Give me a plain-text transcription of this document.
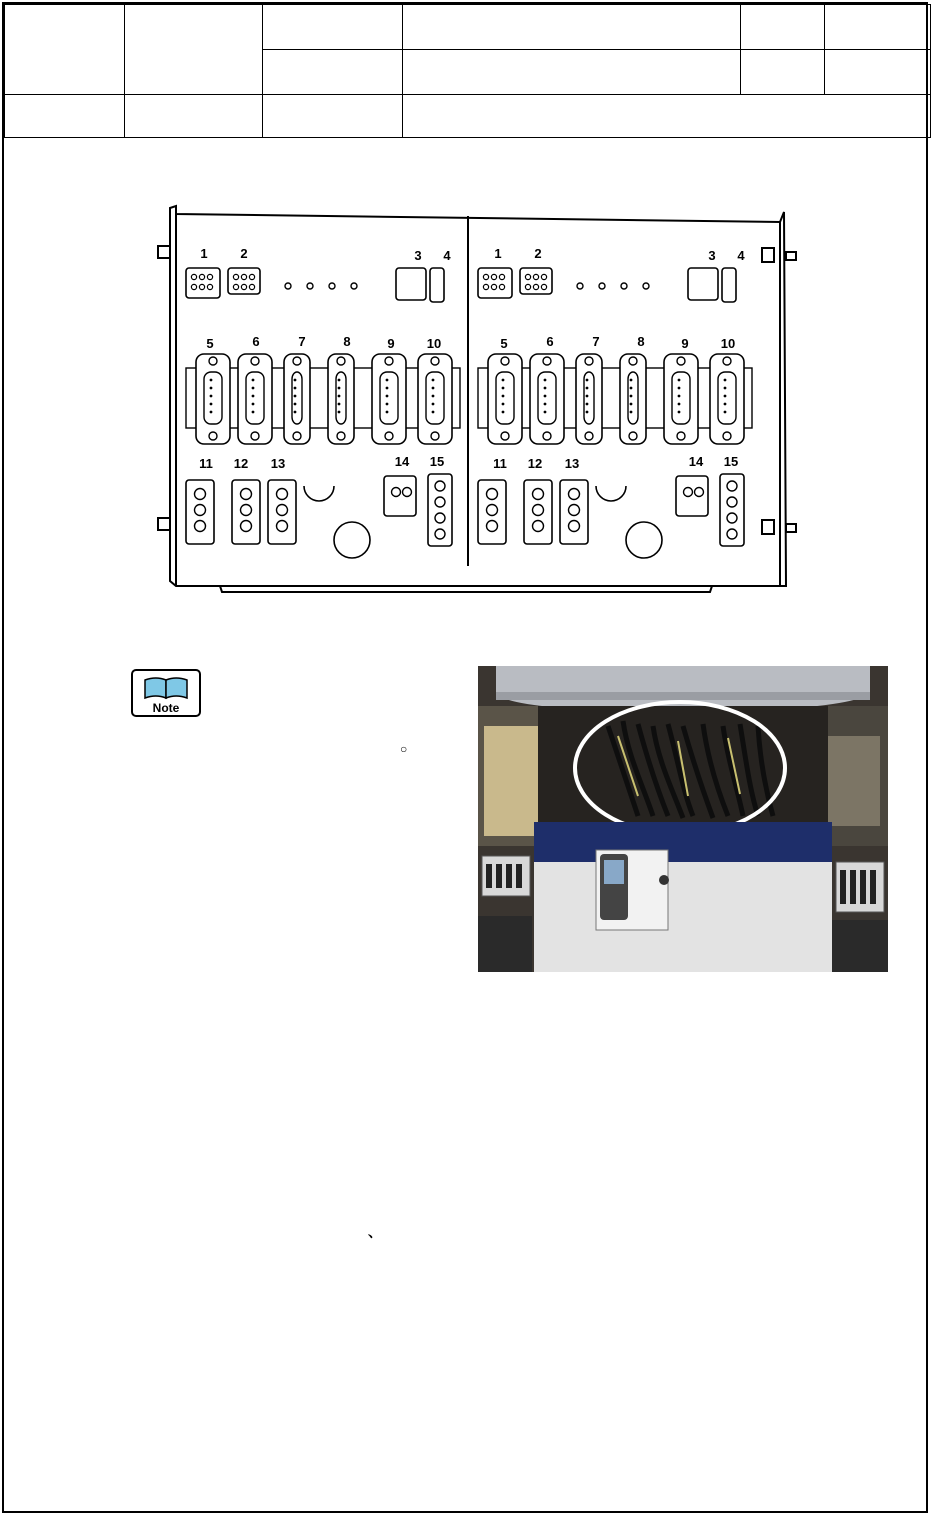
1	2	3 4
5	6	7	8	9 10
11 12 13	14 15
1	2	3 4
5	6	7	8	9 10
11 12 13	14 15
Note
○
、
